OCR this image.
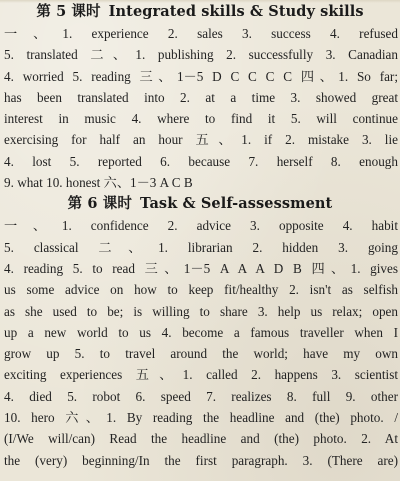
第 5 课时 Integrated skills & Study skills
一、1. experience 2. sales 3. success 4. refused
5. translated 二、1. publishing 2. successfully 3. Canadian
4. worried 5. reading 三、1－5 D C C C C 四、1. So far;
has been translated into 2. at a time 3. showed great
interest in music 4. where to find it 5. will continue
exercising for half an hour 五、1. if 2. mistake 3. lie
4. lost 5. reported 6. because 7. herself 8. enough
9. what 10. honest 六、1－3 A C B
第 6 课时 Task & Self-assessment
一、1. confidence 2. advice 3. opposite 4. habit
5. classical 二、1. librarian 2. hidden 3. going
4. reading 5. to read 三、1－5 A A A D B 四、1. gives
us some advice on how to keep fit/healthy 2. isn't as selfish
as she used to be; is willing to share 3. help us relax; open
up a new world to us 4. become a famous traveller when I
grow up 5. to travel around the world; have my own
exciting experiences 五、1. called 2. happens 3. scientist
4. died 5. robot 6. speed 7. realizes 8. full 9. other
10. hero 六、1. By reading the headline and (the) photo. /
(I/We will/can) Read the headline and (the) photo. 2. At
the (very) beginning/In the first paragraph. 3. (There are)
